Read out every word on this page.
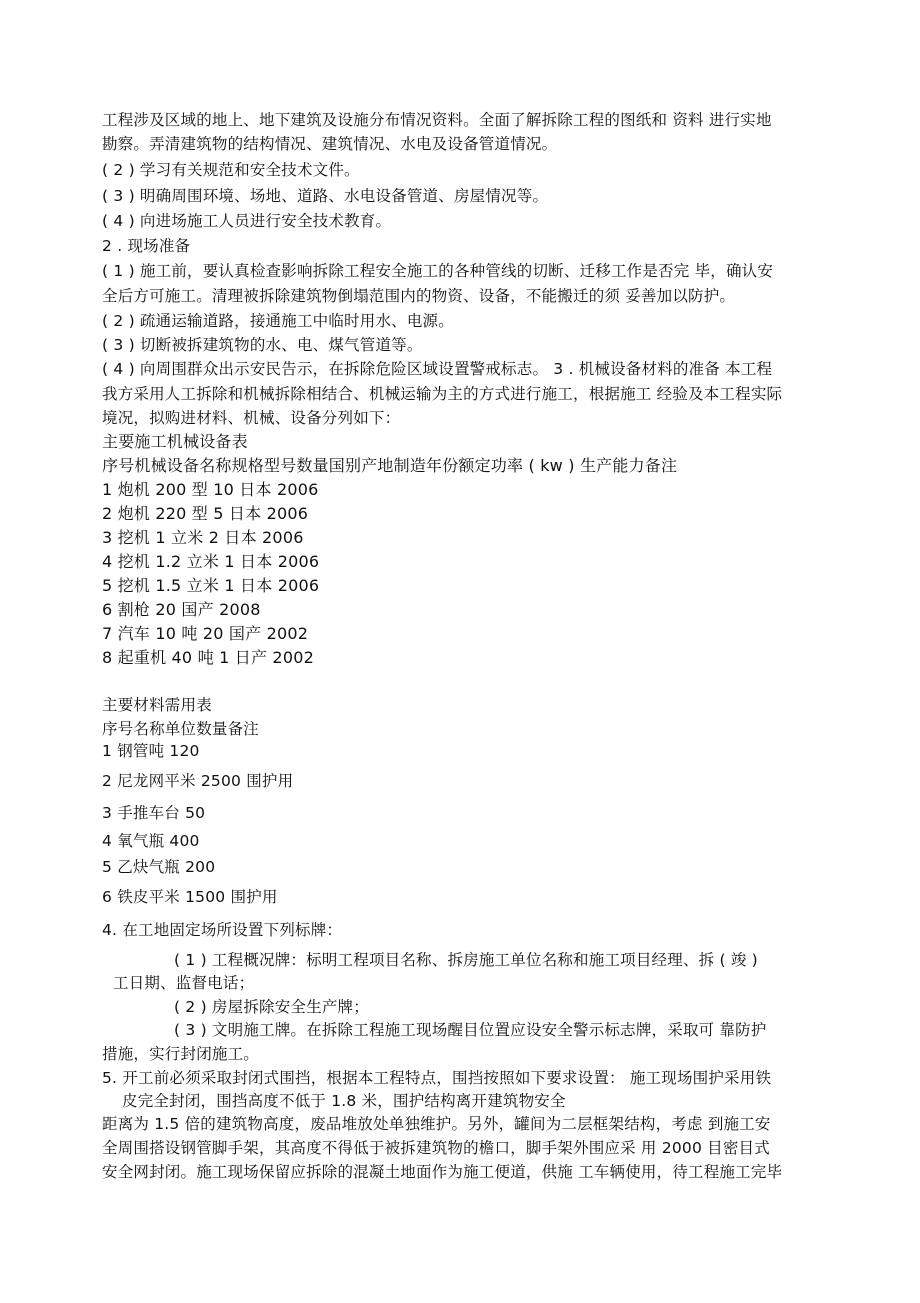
工程涉及区域的地上、地下建筑及设施分布情况资料。全面了解拆除工程的图纸和 资料 进行实地
勘察。弄清建筑物的结构情况、建筑情况、水电及设备管道情况。
( 2 ) 学习有关规范和安全技术文件。
( 3 ) 明确周围环境、场地、道路、水电设备管道、房屋情况等。
( 4 ) 向进场施工人员进行安全技术教育。
2 . 现场准备
( 1 ) 施工前，要认真检查影响拆除工程安全施工的各种管线的切断、迁移工作是否完 毕，确认安
全后方可施工。清理被拆除建筑物倒塌范围内的物资、设备，不能搬迁的须 妥善加以防护。
( 2 ) 疏通运输道路，接通施工中临时用水、电源。
( 3 ) 切断被拆建筑物的水、电、煤气管道等。
( 4 ) 向周围群众出示安民告示，在拆除危险区域设置警戒标志。 3 . 机械设备材料的准备 本工程
我方采用人工拆除和机械拆除相结合、机械运输为主的方式进行施工，根据施工 经验及本工程实际
境况，拟购进材料、机械、设备分列如下：
主要施工机械设备表
序号机械设备名称规格型号数量国别产地制造年份额定功率 ( kw ) 生产能力备注
1 炮机 200 型 10 日本 2006
2 炮机 220 型 5 日本 2006
3 挖机 1 立米 2 日本 2006
4 挖机 1.2 立米 1 日本 2006
5 挖机 1.5 立米 1 日本 2006
6 割枪 20 国产 2008
7 汽车 10 吨 20 国产 2002
8 起重机 40 吨 1 日产 2002
主要材料需用表
序号名称单位数量备注
1 钢管吨 120
2 尼龙网平米 2500 围护用
3 手推车台 50
4 氧气瓶 400
5 乙炔气瓶 200
6 铁皮平米 1500 围护用
4. 在工地固定场所设置下列标牌：
( 1 ) 工程概况牌：标明工程项目名称、拆房施工单位名称和施工项目经理、拆 ( 竣 )
工日期、监督电话；
( 2 ) 房屋拆除安全生产牌；
( 3 ) 文明施工牌。在拆除工程施工现场醒目位置应设安全警示标志牌，采取可 靠防护
措施，实行封闭施工。
5. 开工前必须采取封闭式围挡，根据本工程特点，围挡按照如下要求设置： 施工现场围护采用铁
皮完全封闭，围挡高度不低于 1.8 米，围护结构离开建筑物安全
距离为 1.5 倍的建筑物高度，废品堆放处单独维护。另外，罐间为二层框架结构，考虑 到施工安
全周围搭设钢管脚手架，其高度不得低于被拆建筑物的檐口，脚手架外围应采 用 2000 目密目式
安全网封闭。施工现场保留应拆除的混凝土地面作为施工便道，供施 工车辆使用，待工程施工完毕
